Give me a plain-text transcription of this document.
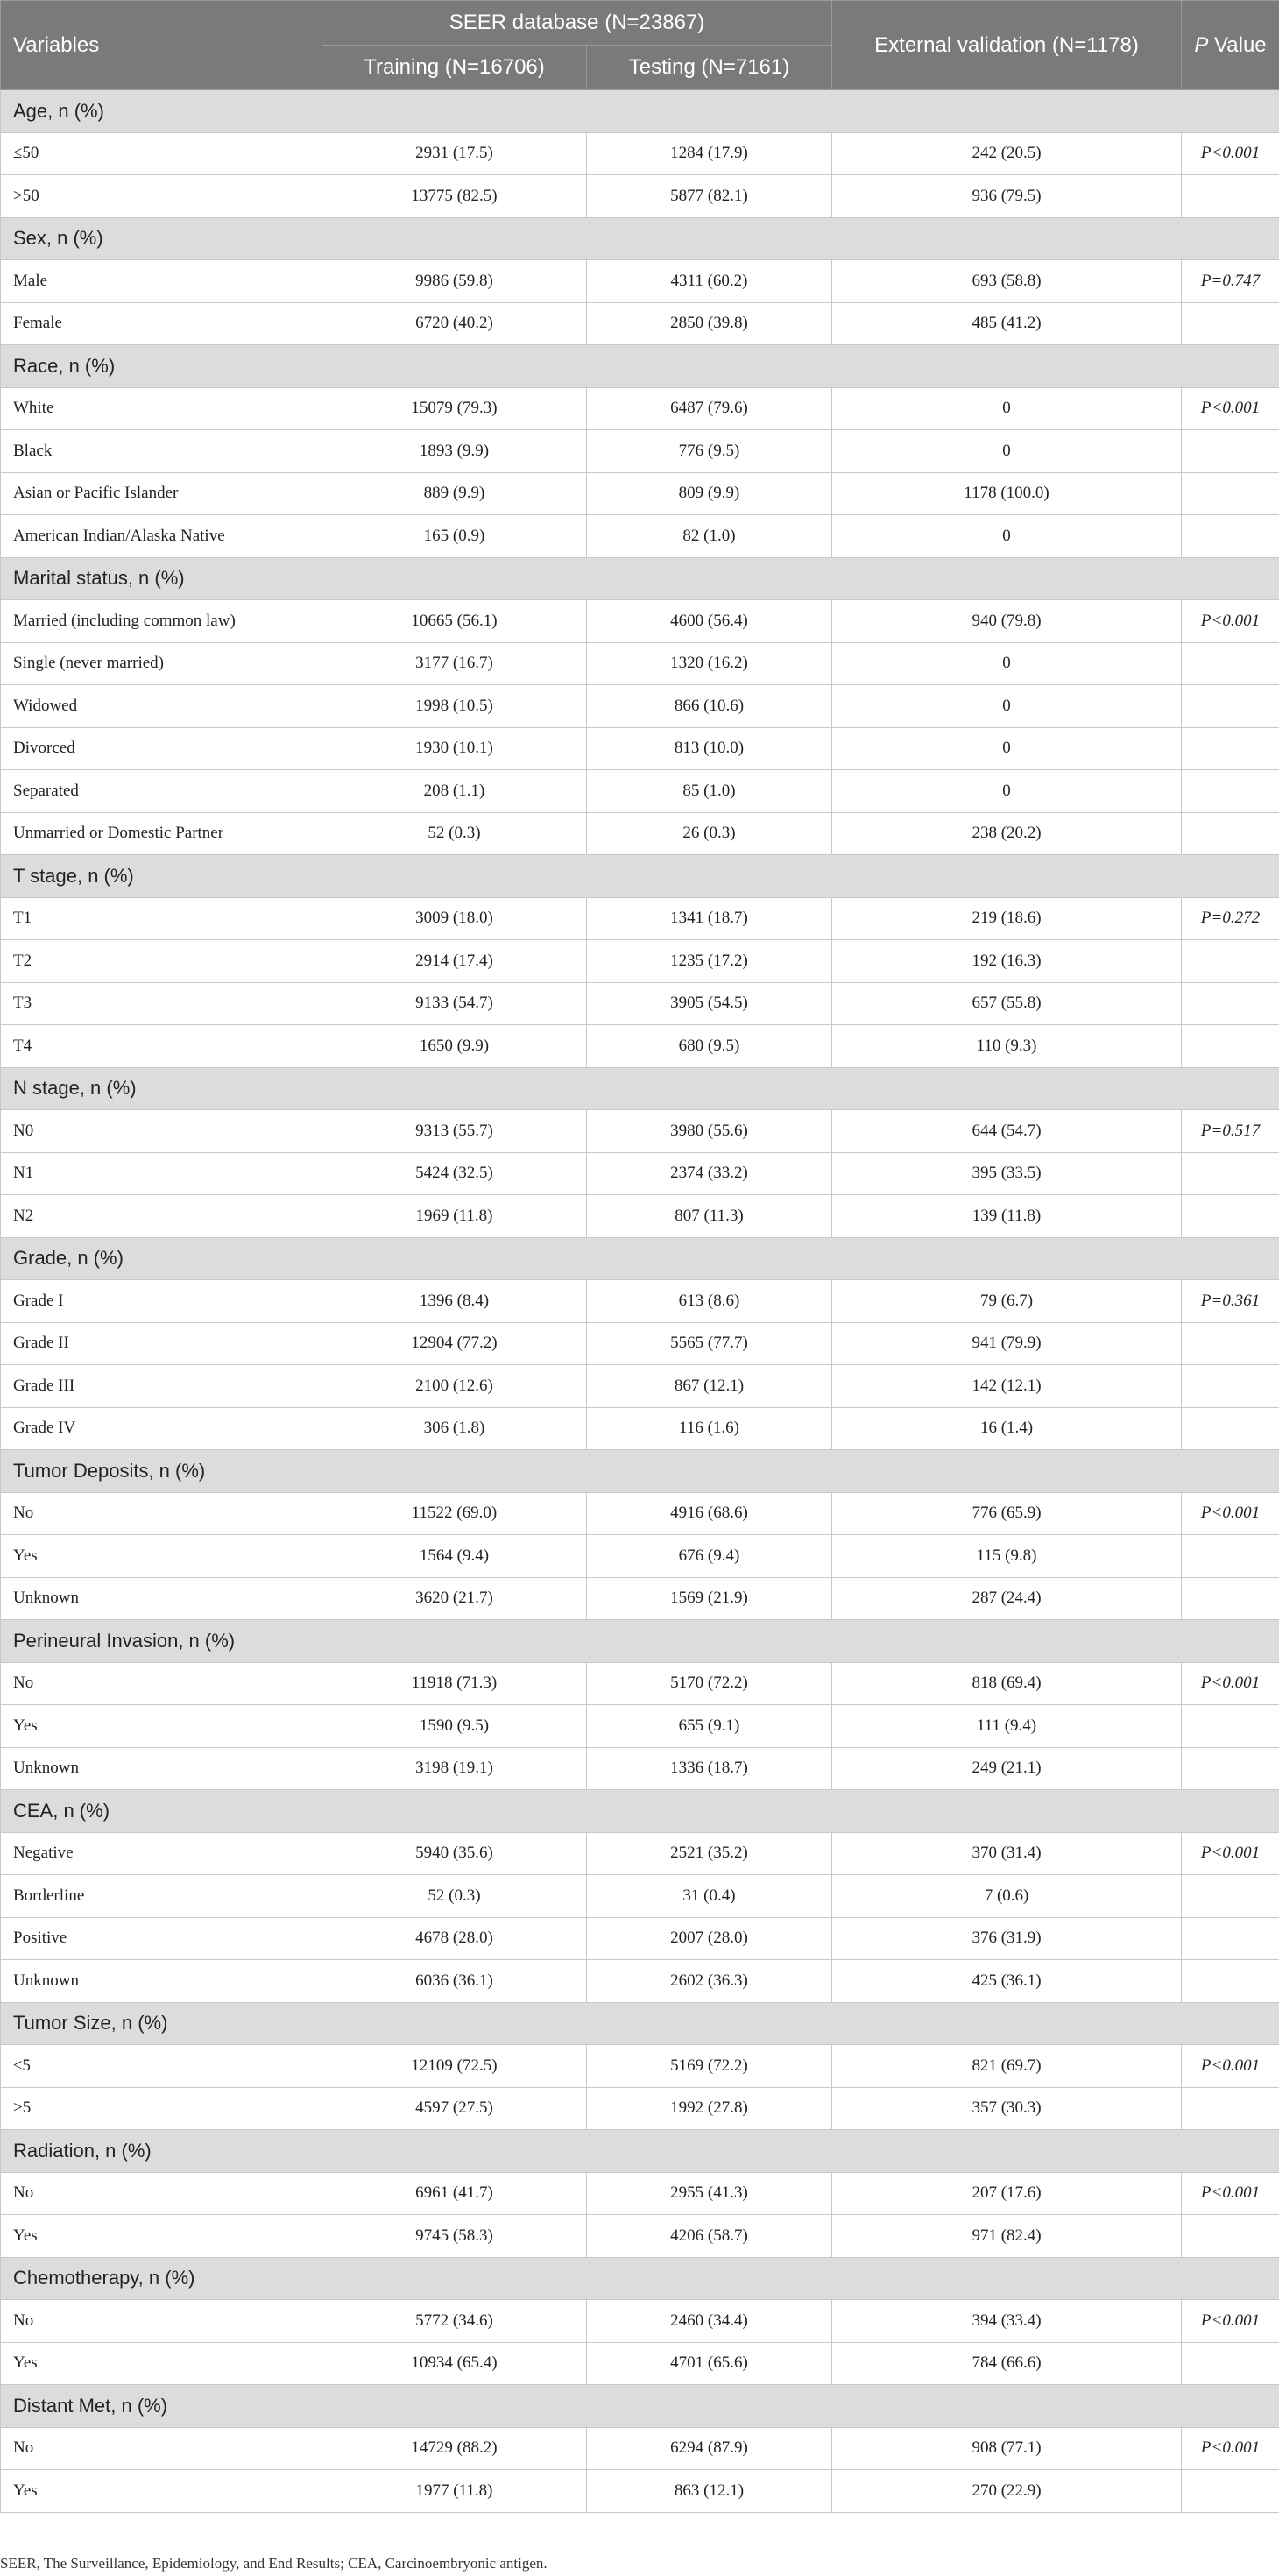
Variables	SEER database (N=23867)		External validation (N=1178)	P Value
	Training (N=16706)	Testing (N=7161)		
Age, n (%)				
≤50	2931 (17.5)	1284 (17.9)	242 (20.5)	P<0.001
>50	13775 (82.5)	5877 (82.1)	936 (79.5)	
Sex, n (%)				
Male	9986 (59.8)	4311 (60.2)	693 (58.8)	P=0.747
Female	6720 (40.2)	2850 (39.8)	485 (41.2)	
Race, n (%)				
White	15079 (79.3)	6487 (79.6)	0	P<0.001
Black	1893 (9.9)	776 (9.5)	0	
Asian or Pacific Islander	889 (9.9)	809 (9.9)	1178 (100.0)	
American Indian/Alaska Native	165 (0.9)	82 (1.0)	0	
Marital status, n (%)				
Married (including common law)	10665 (56.1)	4600 (56.4)	940 (79.8)	P<0.001
Single (never married)	3177 (16.7)	1320 (16.2)	0	
Widowed	1998 (10.5)	866 (10.6)	0	
Divorced	1930 (10.1)	813 (10.0)	0	
Separated	208 (1.1)	85 (1.0)	0	
Unmarried or Domestic Partner	52 (0.3)	26 (0.3)	238 (20.2)	
T stage, n (%)				
T1	3009 (18.0)	1341 (18.7)	219 (18.6)	P=0.272
T2	2914 (17.4)	1235 (17.2)	192 (16.3)	
T3	9133 (54.7)	3905 (54.5)	657 (55.8)	
T4	1650 (9.9)	680 (9.5)	110 (9.3)	
N stage, n (%)				
N0	9313 (55.7)	3980 (55.6)	644 (54.7)	P=0.517
N1	5424 (32.5)	2374 (33.2)	395 (33.5)	
N2	1969 (11.8)	807 (11.3)	139 (11.8)	
Grade, n (%)				
Grade I	1396 (8.4)	613 (8.6)	79 (6.7)	P=0.361
Grade II	12904 (77.2)	5565 (77.7)	941 (79.9)	
Grade III	2100 (12.6)	867 (12.1)	142 (12.1)	
Grade IV	306 (1.8)	116 (1.6)	16 (1.4)	
Tumor Deposits, n (%)				
No	11522 (69.0)	4916 (68.6)	776 (65.9)	P<0.001
Yes	1564 (9.4)	676 (9.4)	115 (9.8)	
Unknown	3620 (21.7)	1569 (21.9)	287 (24.4)	
Perineural Invasion, n (%)				
No	11918 (71.3)	5170 (72.2)	818 (69.4)	P<0.001
Yes	1590 (9.5)	655 (9.1)	111 (9.4)	
Unknown	3198 (19.1)	1336 (18.7)	249 (21.1)	
CEA, n (%)				
Negative	5940 (35.6)	2521 (35.2)	370 (31.4)	P<0.001
Borderline	52 (0.3)	31 (0.4)	7 (0.6)	
Positive	4678 (28.0)	2007 (28.0)	376 (31.9)	
Unknown	6036 (36.1)	2602 (36.3)	425 (36.1)	
Tumor Size, n (%)				
≤5	12109 (72.5)	5169 (72.2)	821 (69.7)	P<0.001
>5	4597 (27.5)	1992 (27.8)	357 (30.3)	
Radiation, n (%)				
No	6961 (41.7)	2955 (41.3)	207 (17.6)	P<0.001
Yes	9745 (58.3)	4206 (58.7)	971 (82.4)	
Chemotherapy, n (%)				
No	5772 (34.6)	2460 (34.4)	394 (33.4)	P<0.001
Yes	10934 (65.4)	4701 (65.6)	784 (66.6)	
Distant Met, n (%)				
No	14729 (88.2)	6294 (87.9)	908 (77.1)	P<0.001
Yes	1977 (11.8)	863 (12.1)	270 (22.9)	
SEER, The Surveillance, Epidemiology, and End Results; CEA, Carcinoembryonic antigen.
